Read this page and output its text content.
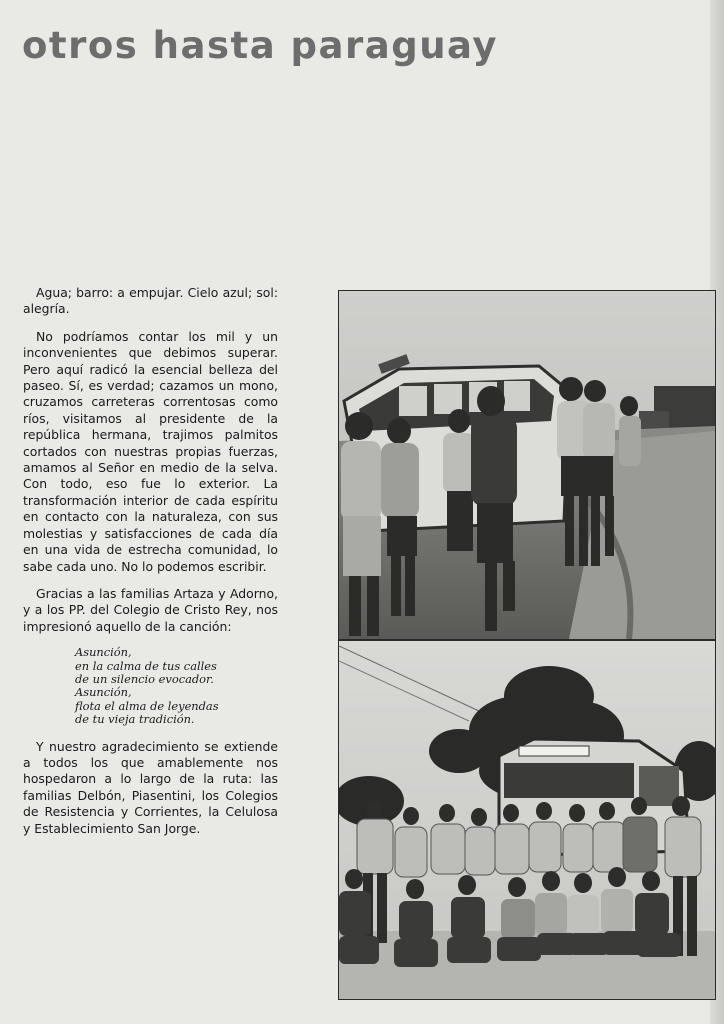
otros hasta paraguay

Agua; barro: a empujar. Cielo azul; sol: alegría.

No podríamos contar los mil y un inconvenientes que debimos superar. Pero aquí radicó la esencial belleza del paseo. Sí, es verdad; cazamos un mono, cruzamos carreteras correntosas como ríos, visitamos al presidente de la república hermana, trajimos palmitos cortados con nuestras propias fuerzas, amamos al Señor en medio de la selva. Con todo, eso fue lo exterior. La transformación interior de cada espíritu en contacto con la naturaleza, con sus molestias y satisfacciones de cada día en una vida de estrecha comunidad, lo sabe cada uno. No lo podemos escribir.

Gracias a las familias Artaza y Adorno, y a los PP. del Colegio de Cristo Rey, nos impresionó aquello de la canción:

Asunción,
en la calma de tus calles
de un silencio evocador.
Asunción,
flota el alma de leyendas
de tu vieja tradición.

Y nuestro agradecimiento se extiende a todos los que amablemente nos hospedaron a lo largo de la ruta: las familias Delbón, Piasentini, los Colegios de Resistencia y Corrientes, la Celulosa y Establecimiento San Jorge.
